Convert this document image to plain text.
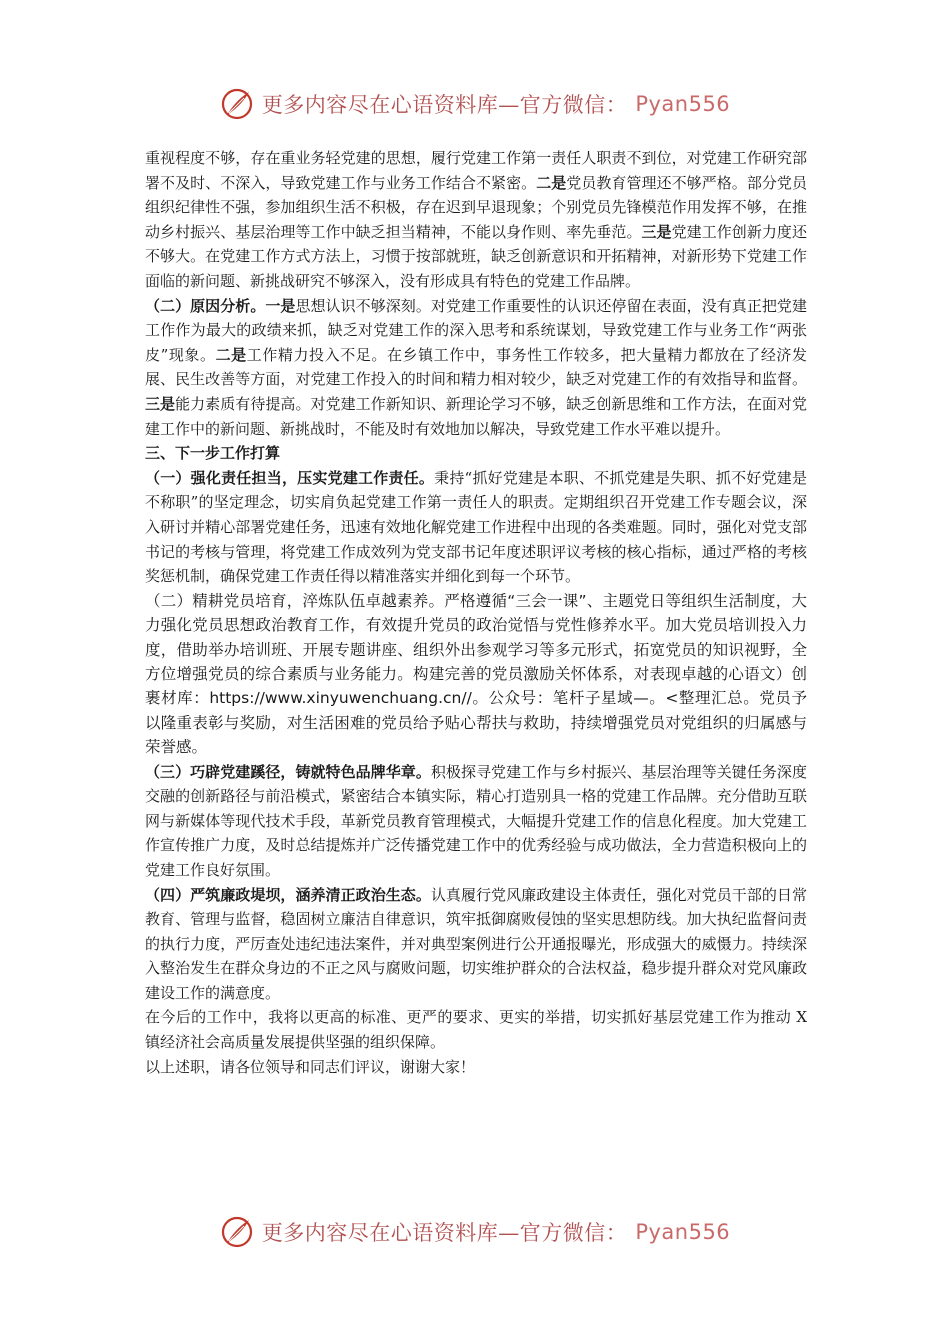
更多内容尽在心语资料库—官方微信： Pyan556

重视程度不够，存在重业务轻党建的思想，履行党建工作第一责任人职责不到位，对党建工作研究部署不及时、不深入，导致党建工作与业务工作结合不紧密。二是党员教育管理还不够严格。部分党员组织纪律性不强，参加组织生活不积极，存在迟到早退现象；个别党员先锋模范作用发挥不够，在推动乡村振兴、基层治理等工作中缺乏担当精神，不能以身作则、率先垂范。三是党建工作创新力度还不够大。在党建工作方式方法上，习惯于按部就班，缺乏创新意识和开拓精神，对新形势下党建工作面临的新问题、新挑战研究不够深入，没有形成具有特色的党建工作品牌。

（二）原因分析。一是思想认识不够深刻。对党建工作重要性的认识还停留在表面，没有真正把党建工作作为最大的政绩来抓，缺乏对党建工作的深入思考和系统谋划，导致党建工作与业务工作“两张皮”现象。二是工作精力投入不足。在乡镇工作中，事务性工作较多，把大量精力都放在了经济发展、民生改善等方面，对党建工作投入的时间和精力相对较少，缺乏对党建工作的有效指导和监督。三是能力素质有待提高。对党建工作新知识、新理论学习不够，缺乏创新思维和工作方法，在面对党建工作中的新问题、新挑战时，不能及时有效地加以解决，导致党建工作水平难以提升。

三、下一步工作打算

（一）强化责任担当，压实党建工作责任。秉持“抓好党建是本职、不抓党建是失职、抓不好党建是不称职”的坚定理念，切实肩负起党建工作第一责任人的职责。定期组织召开党建工作专题会议，深入研讨并精心部署党建任务，迅速有效地化解党建工作进程中出现的各类难题。同时，强化对党支部书记的考核与管理，将党建工作成效列为党支部书记年度述职评议考核的核心指标，通过严格的考核奖惩机制，确保党建工作责任得以精准落实并细化到每一个环节。

（二）精耕党员培育，淬炼队伍卓越素养。严格遵循“三会一课”、主题党日等组织生活制度，大力强化党员思想政治教育工作，有效提升党员的政治觉悟与党性修养水平。加大党员培训投入力度，借助举办培训班、开展专题讲座、组织外出参观学习等多元形式，拓宽党员的知识视野，全方位增强党员的综合素质与业务能力。构建完善的党员激励关怀体系，对表现卓越的心语文）创裹材库：https://www.xinyuwenchuang.cn//。公众号：笔杆子星域—。<整理汇总。党员予以隆重表彰与奖励，对生活困难的党员给予贴心帮扶与救助，持续增强党员对党组织的归属感与荣誉感。

（三）巧辟党建蹊径，铸就特色品牌华章。积极探寻党建工作与乡村振兴、基层治理等关键任务深度交融的创新路径与前沿模式，紧密结合本镇实际，精心打造别具一格的党建工作品牌。充分借助互联网与新媒体等现代技术手段，革新党员教育管理模式，大幅提升党建工作的信息化程度。加大党建工作宣传推广力度，及时总结提炼并广泛传播党建工作中的优秀经验与成功做法，全力营造积极向上的党建工作良好氛围。

（四）严筑廉政堤坝，涵养清正政治生态。认真履行党风廉政建设主体责任，强化对党员干部的日常教育、管理与监督，稳固树立廉洁自律意识，筑牢抵御腐败侵蚀的坚实思想防线。加大执纪监督问责的执行力度，严厉查处违纪违法案件，并对典型案例进行公开通报曝光，形成强大的威慑力。持续深入整治发生在群众身边的不正之风与腐败问题，切实维护群众的合法权益，稳步提升群众对党风廉政建设工作的满意度。

在今后的工作中，我将以更高的标准、更严的要求、更实的举措，切实抓好基层党建工作为推动 X 镇经济社会高质量发展提供坚强的组织保障。

以上述职，请各位领导和同志们评议，谢谢大家！

更多内容尽在心语资料库—官方微信： Pyan556
